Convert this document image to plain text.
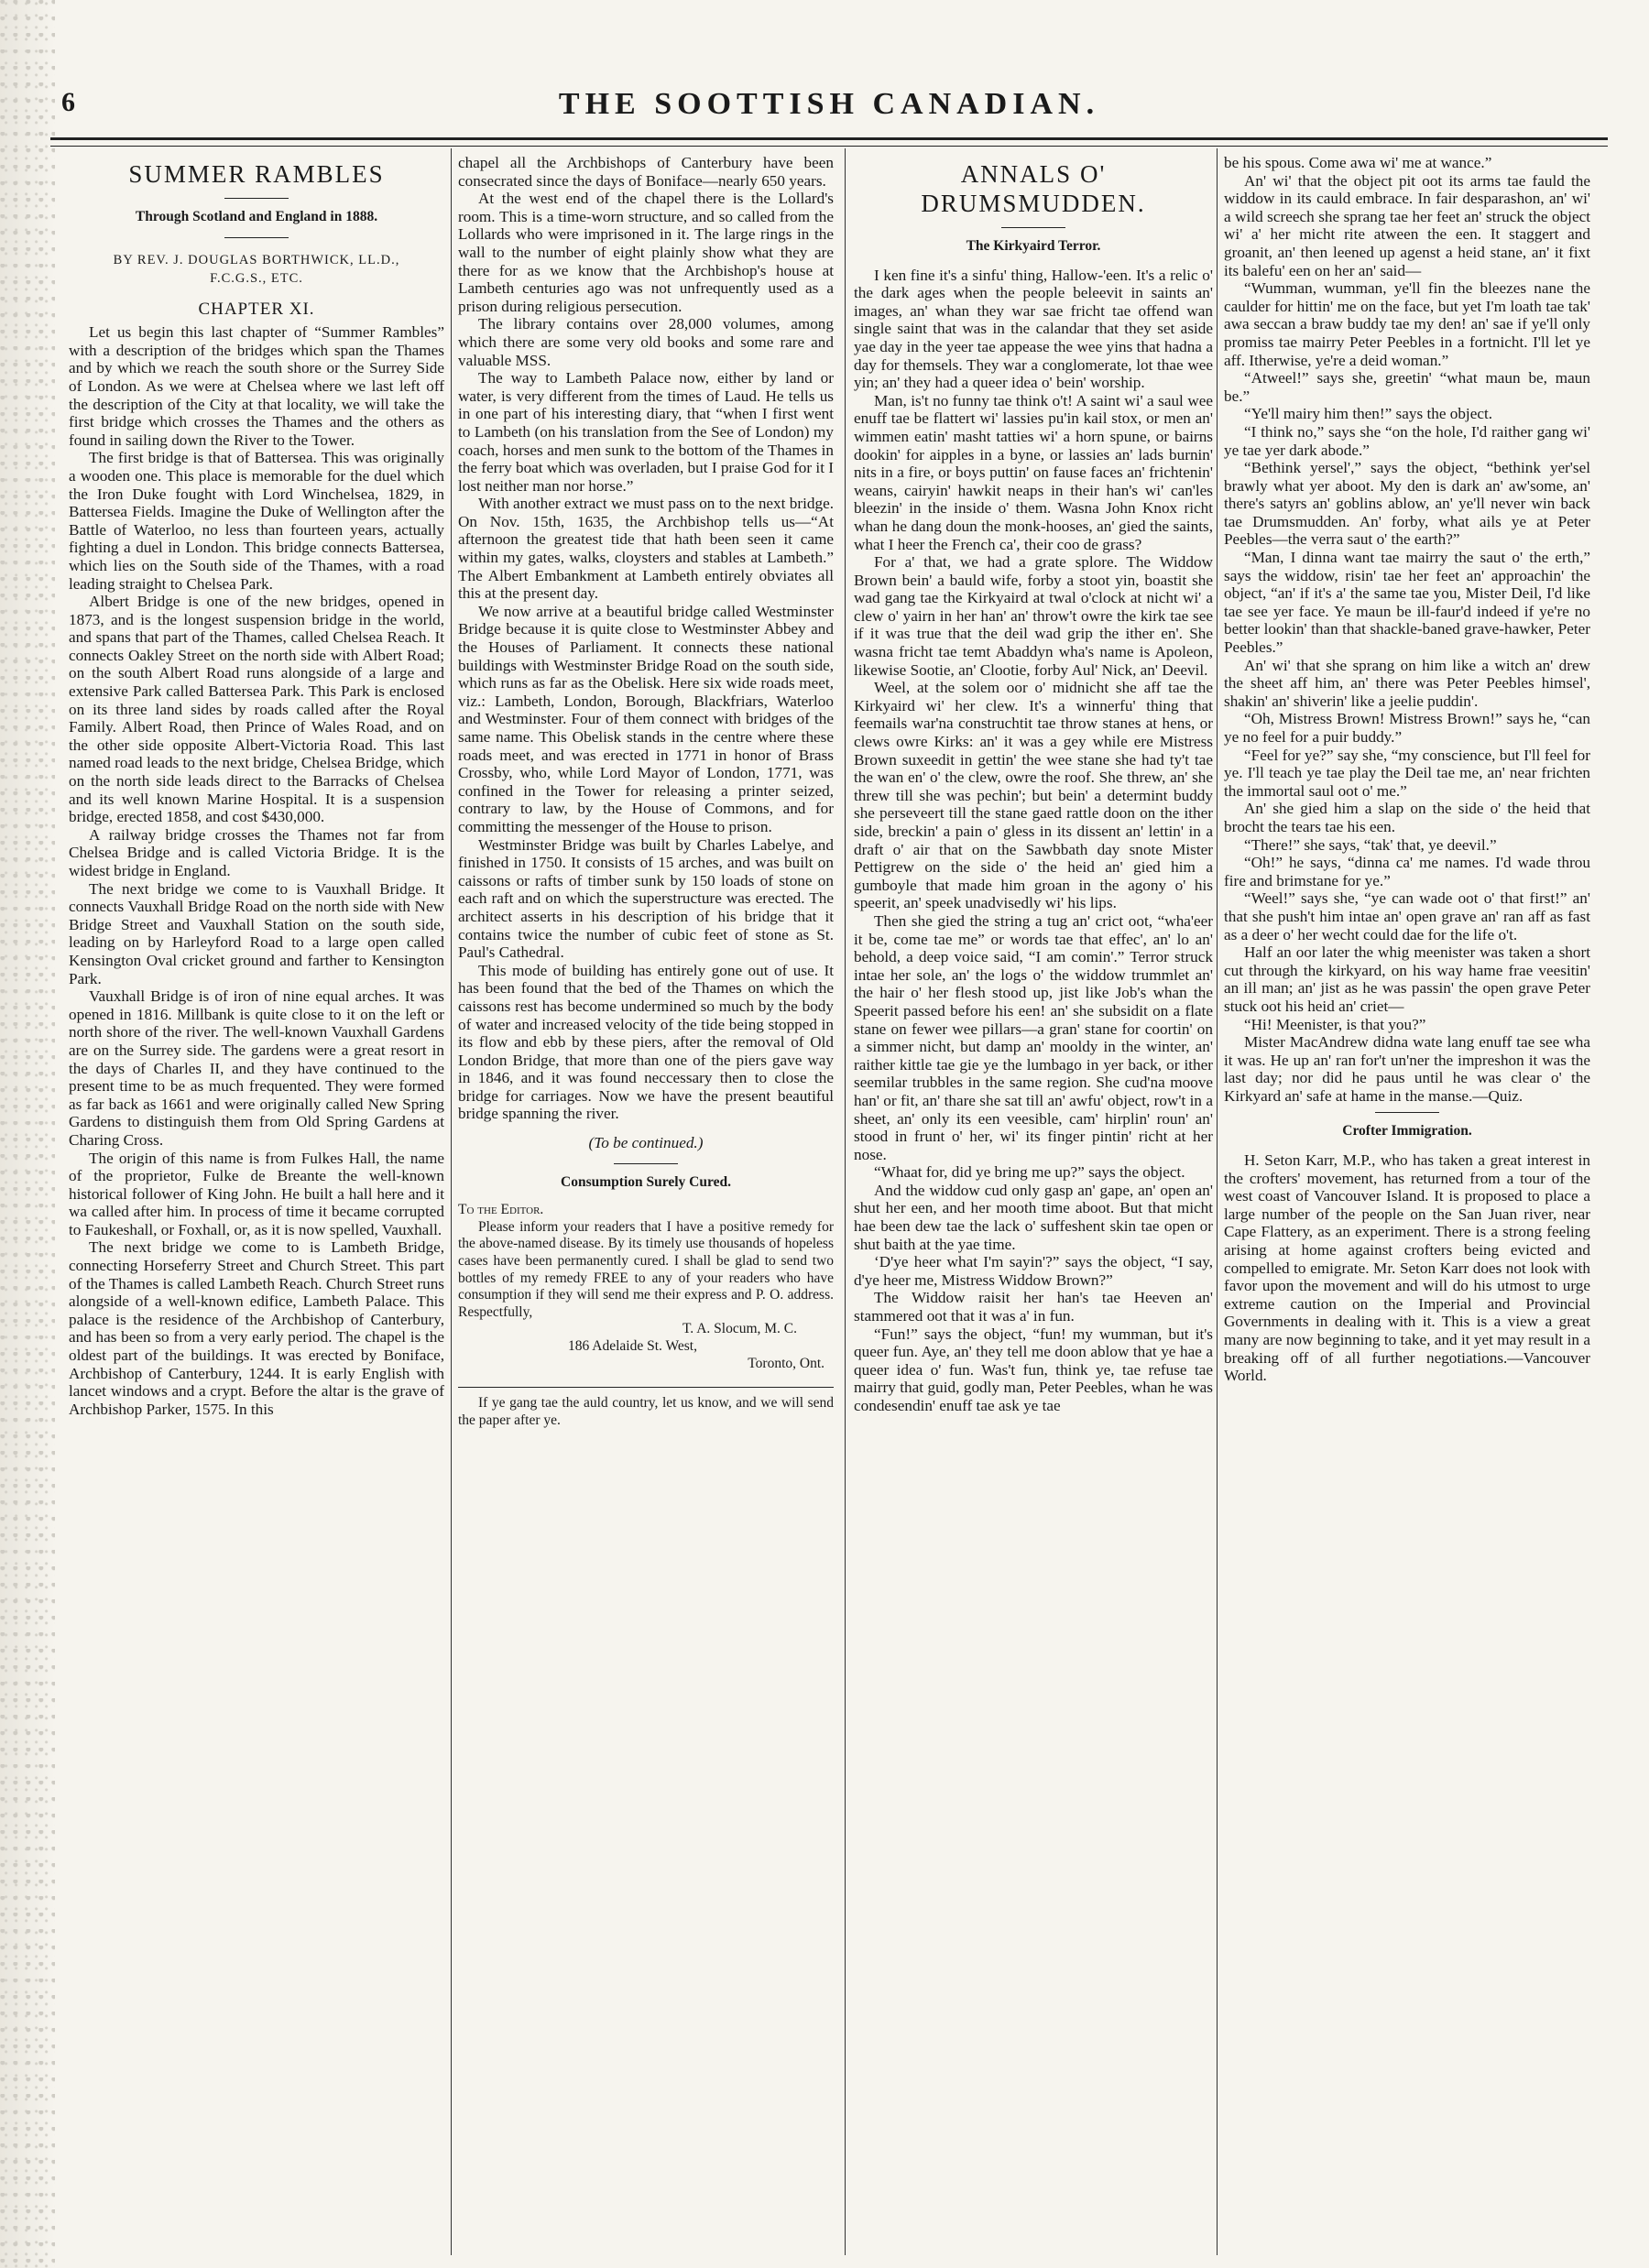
6	THE SOOTTISH CANADIAN.
SUMMER RAMBLES
Through Scotland and England in 1888.
BY REV. J. DOUGLAS BORTHWICK, LL.D.,
F.C.G.S., ETC.
CHAPTER XI.

Let us begin this last chapter of “Summer Rambles” with a description of the bridges which span the Thames and by which we reach the south shore or the Surrey Side of London. As we were at Chelsea where we last left off the description of the City at that locality, we will take the first bridge which crosses the Thames and the others as found in sailing down the River to the Tower.

The first bridge is that of Battersea. This was originally a wooden one. This place is memorable for the duel which the Iron Duke fought with Lord Winchelsea, 1829, in Battersea Fields. Imagine the Duke of Wellington after the Battle of Waterloo, no less than fourteen years, actually fighting a duel in London. This bridge connects Battersea, which lies on the South side of the Thames, with a road leading straight to Chelsea Park.

Albert Bridge is one of the new bridges, opened in 1873, and is the longest suspension bridge in the world, and spans that part of the Thames, called Chelsea Reach. It connects Oakley Street on the north side with Albert Road; on the south Albert Road runs alongside of a large and extensive Park called Battersea Park. This Park is enclosed on its three land sides by roads called after the Royal Family. Albert Road, then Prince of Wales Road, and on the other side opposite Albert-Victoria Road. This last named road leads to the next bridge, Chelsea Bridge, which on the north side leads direct to the Barracks of Chelsea and its well known Marine Hospital. It is a suspension bridge, erected 1858, and cost $430,000.

A railway bridge crosses the Thames not far from Chelsea Bridge and is called Victoria Bridge. It is the widest bridge in England.

The next bridge we come to is Vauxhall Bridge. It connects Vauxhall Bridge Road on the north side with New Bridge Street and Vauxhall Station on the south side, leading on by Harleyford Road to a large open called Kensington Oval cricket ground and farther to Kensington Park.

Vauxhall Bridge is of iron of nine equal arches. It was opened in 1816. Millbank is quite close to it on the left or north shore of the river. The well-known Vauxhall Gardens are on the Surrey side. The gardens were a great resort in the days of Charles II, and they have continued to the present time to be as much frequented. They were formed as far back as 1661 and were originally called New Spring Gardens to distinguish them from Old Spring Gardens at Charing Cross.

The origin of this name is from Fulkes Hall, the name of the proprietor, Fulke de Breante the well-known historical follower of King John. He built a hall here and it wa called after him. In process of time it became corrupted to Faukeshall, or Foxhall, or, as it is now spelled, Vauxhall.

The next bridge we come to is Lambeth Bridge, connecting Horseferry Street and Church Street. This part of the Thames is called Lambeth Reach. Church Street runs alongside of a well-known edifice, Lambeth Palace. This palace is the residence of the Archbishop of Canterbury, and has been so from a very early period. The chapel is the oldest part of the buildings. It was erected by Boniface, Archbishop of Canterbury, 1244. It is early English with lancet windows and a crypt. Before the altar is the grave of Archbishop Parker, 1575. In this

chapel all the Archbishops of Canterbury have been consecrated since the days of Boniface—nearly 650 years.

At the west end of the chapel there is the Lollard's room. This is a time-worn structure, and so called from the Lollards who were imprisoned in it. The large rings in the wall to the number of eight plainly show what they are there for as we know that the Archbishop's house at Lambeth centuries ago was not unfrequently used as a prison during religious persecution.

The library contains over 28,000 volumes, among which there are some very old books and some rare and valuable MSS.

The way to Lambeth Palace now, either by land or water, is very different from the times of Laud. He tells us in one part of his interesting diary, that “when I first went to Lambeth (on his translation from the See of London) my coach, horses and men sunk to the bottom of the Thames in the ferry boat which was overladen, but I praise God for it I lost neither man nor horse.”

With another extract we must pass on to the next bridge. On Nov. 15th, 1635, the Archbishop tells us—“At afternoon the greatest tide that hath been seen it came within my gates, walks, cloysters and stables at Lambeth.” The Albert Embankment at Lambeth entirely obviates all this at the present day.

We now arrive at a beautiful bridge called Westminster Bridge because it is quite close to Westminster Abbey and the Houses of Parliament. It connects these national buildings with Westminster Bridge Road on the south side, which runs as far as the Obelisk. Here six wide roads meet, viz.: Lambeth, London, Borough, Blackfriars, Waterloo and Westminster. Four of them connect with bridges of the same name. This Obelisk stands in the centre where these roads meet, and was erected in 1771 in honor of Brass Crossby, who, while Lord Mayor of London, 1771, was confined in the Tower for releasing a printer seized, contrary to law, by the House of Commons, and for committing the messenger of the House to prison.

Westminster Bridge was built by Charles Labelye, and finished in 1750. It consists of 15 arches, and was built on caissons or rafts of timber sunk by 150 loads of stone on each raft and on which the superstructure was erected. The architect asserts in his description of his bridge that it contains twice the number of cubic feet of stone as St. Paul's Cathedral.

This mode of building has entirely gone out of use. It has been found that the bed of the Thames on which the caissons rest has become undermined so much by the body of water and increased velocity of the tide being stopped in its flow and ebb by these piers, after the removal of Old London Bridge, that more than one of the piers gave way in 1846, and it was found neccessary then to close the bridge for carriages. Now we have the present beautiful bridge spanning the river.

(To be continued.)

Consumption Surely Cured.

To the Editor.

Please inform your readers that I have a positive remedy for the above-named disease. By its timely use thousands of hopeless cases have been permanently cured. I shall be glad to send two bottles of my remedy FREE to any of your readers who have consumption if they will send me their express and P. O. address. Respectfully,

T. A. Slocum, M. C.

186 Adelaide St. West,

Toronto, Ont.

If ye gang tae the auld country, let us know, and we will send the paper after ye.

ANNALS O' DRUMSMUDDEN.
The Kirkyaird Terror.

I ken fine it's a sinfu' thing, Hallow-'een. It's a relic o' the dark ages when the people beleevit in saints an' images, an' whan they war sae fricht tae offend wan single saint that was in the calandar that they set aside yae day in the yeer tae appease the wee yins that hadna a day for themsels. They war a conglomerate, lot thae wee yin; an' they had a queer idea o' bein' worship.

Man, is't no funny tae think o't! A saint wi' a saul wee enuff tae be flattert wi' lassies pu'in kail stox, or men an' wimmen eatin' masht tatties wi' a horn spune, or bairns dookin' for aipples in a byne, or lassies an' lads burnin' nits in a fire, or boys puttin' on fause faces an' frichtenin' weans, cairyin' hawkit neaps in their han's wi' can'les bleezin' in the inside o' them. Wasna John Knox richt whan he dang doun the monk-hooses, an' gied the saints, what I heer the French ca', their coo de grass?

For a' that, we had a grate splore. The Widdow Brown bein' a bauld wife, forby a stoot yin, boastit she wad gang tae the Kirkyaird at twal o'clock at nicht wi' a clew o' yairn in her han' an' throw't owre the kirk tae see if it was true that the deil wad grip the ither en'. She wasna fricht tae temt Abaddyn wha's name is Apoleon, likewise Sootie, an' Clootie, forby Aul' Nick, an' Deevil.

Weel, at the solem oor o' midnicht she aff tae the Kirkyaird wi' her clew. It's a winnerfu' thing that feemails war'na construchtit tae throw stanes at hens, or clews owre Kirks: an' it was a gey while ere Mistress Brown suxeedit in gettin' the wee stane she had ty't tae the wan en' o' the clew, owre the roof. She threw, an' she threw till she was pechin'; but bein' a determint buddy she perseveert till the stane gaed rattle doon on the ither side, breckin' a pain o' gless in its dissent an' lettin' in a draft o' air that on the Sawbbath day snote Mister Pettigrew on the side o' the heid an' gied him a gumboyle that made him groan in the agony o' his speerit, an' speek unadvisedly wi' his lips.

Then she gied the string a tug an' crict oot, “wha'eer it be, come tae me” or words tae that effec', an' lo an' behold, a deep voice said, “I am comin'.” Terror struck intae her sole, an' the logs o' the widdow trummlet an' the hair o' her flesh stood up, jist like Job's whan the Speerit passed before his een! an' she subsidit on a flate stane on fewer wee pillars—a gran' stane for coortin' on a simmer nicht, but damp an' mooldy in the winter, an' raither kittle tae gie ye the lumbago in yer back, or ither seemilar trubbles in the same region. She cud'na moove han' or fit, an' thare she sat till an' awfu' object, row't in a sheet, an' only its een veesible, cam' hirplin' roun' an' stood in frunt o' her, wi' its finger pintin' richt at her nose.

“Whaat for, did ye bring me up?” says the object.

And the widdow cud only gasp an' gape, an' open an' shut her een, and her mooth time aboot. But that micht hae been dew tae the lack o' suffeshent skin tae open or shut baith at the yae time.

‘D'ye heer what I'm sayin'?” says the object, “I say, d'ye heer me, Mistress Widdow Brown?”

The Widdow raisit her han's tae Heeven an' stammered oot that it was a' in fun.

“Fun!” says the object, “fun! my wumman, but it's queer fun. Aye, an' they tell me doon ablow that ye hae a queer idea o' fun. Was't fun, think ye, tae refuse tae mairry that guid, godly man, Peter Peebles, whan he was condesendin' enuff tae ask ye tae

be his spous. Come awa wi' me at wance.”

An' wi' that the object pit oot its arms tae fauld the widdow in its cauld embrace. In fair desparashon, an' wi' a wild screech she sprang tae her feet an' struck the object wi' a' her micht rite atween the een. It staggert and groanit, an' then leened up agenst a heid stane, an' it fixt its balefu' een on her an' said—

“Wumman, wumman, ye'll fin the bleezes nane the caulder for hittin' me on the face, but yet I'm loath tae tak' awa seccan a braw buddy tae my den! an' sae if ye'll only promiss tae mairry Peter Peebles in a fortnicht. I'll let ye aff. Itherwise, ye're a deid woman.”

“Atweel!” says she, greetin' “what maun be, maun be.”

“Ye'll mairy him then!” says the object.

“I think no,” says she “on the hole, I'd raither gang wi' ye tae yer dark abode.”

“Bethink yersel',” says the object, “bethink yer'sel brawly what yer aboot. My den is dark an' aw'some, an' there's satyrs an' goblins ablow, an' ye'll never win back tae Drumsmudden. An' forby, what ails ye at Peter Peebles—the verra saut o' the earth?”

“Man, I dinna want tae mairry the saut o' the erth,” says the widdow, risin' tae her feet an' approachin' the object, “an' if it's a' the same tae you, Mister Deil, I'd like tae see yer face. Ye maun be ill-faur'd indeed if ye're no better lookin' than that shackle-baned grave-hawker, Peter Peebles.”

An' wi' that she sprang on him like a witch an' drew the sheet aff him, an' there was Peter Peebles himsel', shakin' an' shiverin' like a jeelie puddin'.

“Oh, Mistress Brown! Mistress Brown!” says he, “can ye no feel for a puir buddy.”

“Feel for ye?” say she, “my conscience, but I'll feel for ye. I'll teach ye tae play the Deil tae me, an' near frichten the immortal saul oot o' me.”

An' she gied him a slap on the side o' the heid that brocht the tears tae his een.

“There!” she says, “tak' that, ye deevil.”

“Oh!” he says, “dinna ca' me names. I'd wade throu fire and brimstane for ye.”

“Weel!” says she, “ye can wade oot o' that first!” an' that she push't him intae an' open grave an' ran aff as fast as a deer o' her wecht could dae for the life o't.

Half an oor later the whig meenister was taken a short cut through the kirkyard, on his way hame frae veesitin' an ill man; an' jist as he was passin' the open grave Peter stuck oot his heid an' criet—

“Hi! Meenister, is that you?”

Mister MacAndrew didna wate lang enuff tae see wha it was. He up an' ran for't un'ner the impreshon it was the last day; nor did he paus until he was clear o' the Kirkyard an' safe at hame in the manse.—Quiz.

Crofter Immigration.

H. Seton Karr, M.P., who has taken a great interest in the crofters' movement, has returned from a tour of the west coast of Vancouver Island. It is proposed to place a large number of the people on the San Juan river, near Cape Flattery, as an experiment. There is a strong feeling arising at home against crofters being evicted and compelled to emigrate. Mr. Seton Karr does not look with favor upon the movement and will do his utmost to urge extreme caution on the Imperial and Provincial Governments in dealing with it. This is a view a great many are now beginning to take, and it yet may result in a breaking off of all further negotiations.—Vancouver World.
